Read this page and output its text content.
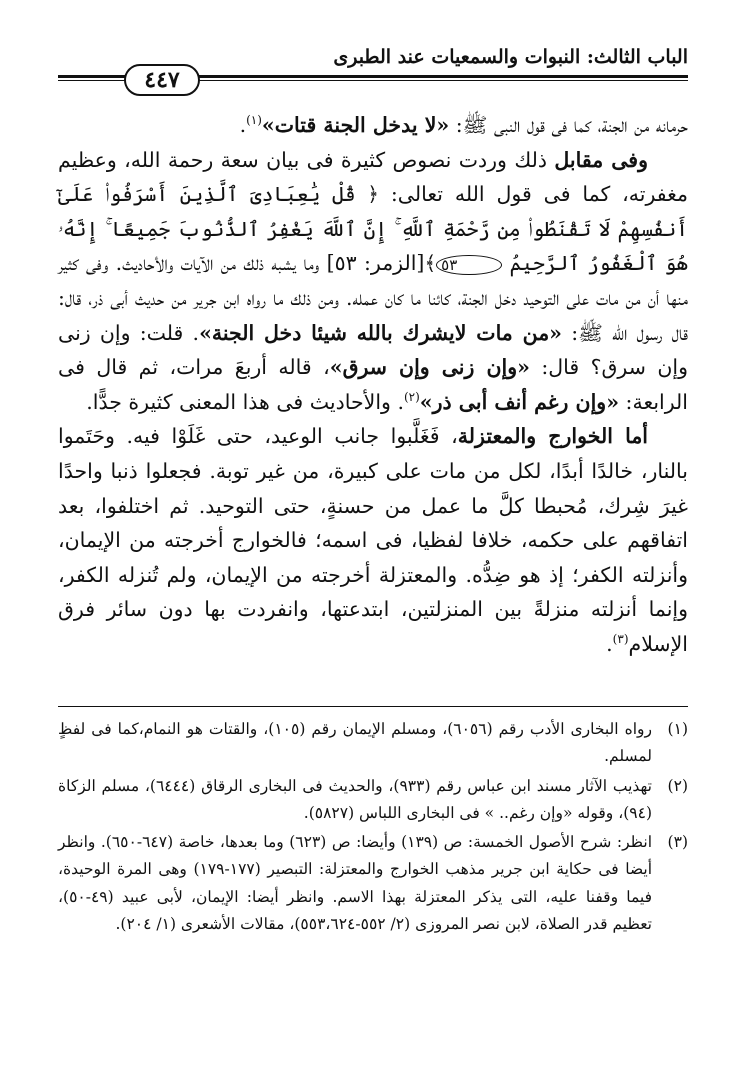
الباب الثالث: النبوات والسمعيات عند الطبرى
٤٤٧

حرمانه من الجنة، كما فى قول النبى ﷺ: «لا يدخل الجنة قتات»$^{(١)}$.

وفى مقابل ذلك وردت نصوص كثيرة فى بيان سعة رحمة الله، وعظيم مغفرته، كما فى قول الله تعالى: ﴿ قُلْ يَٰعِبَادِىَ ٱلَّذِينَ أَسْرَفُوا۟ عَلَىٰٓ أَنفُسِهِمْ لَا تَقْنَطُوا۟ مِن رَّحْمَةِ ٱللَّهِ ۚ إِنَّ ٱللَّهَ يَغْفِرُ ٱلذُّنُوبَ جَمِيعًا ۚ إِنَّهُۥ هُوَ ٱلْغَفُورُ ٱلرَّحِيمُ ٥٣﴾[الزمر: ٥٣] وما يشبه ذلك من الآيات والأحاديث. وفى كثير منها أن من مات على التوحيد دخل الجنة، كائنا ما كان عمله. ومن ذلك ما رواه ابن جرير من حديث أبى ذر، قال: قال رسول الله ﷺ: «من مات لايشرك بالله شيئا دخل الجنة». قلت: وإن زنى وإن سرق؟ قال: «وإن زنى وإن سرق»، قاله أربعَ مرات، ثم قال فى الرابعة: «وإن رغم أنف أبى ذر»$^{(٢)}$. والأحاديث فى هذا المعنى كثيرة جدًّا.

أما الخوارج والمعتزلة، فَغَلَّبوا جانب الوعيد، حتى غَلَوْا فيه. وحَتَموا بالنار، خالدًا أبدًا، لكل من مات على كبيرة، من غير توبة. فجعلوا ذنبا واحدًا غيرَ شِرك، مُحبطا كلَّ ما عمل من حسنةٍ، حتى التوحيد. ثم اختلفوا، بعد اتفاقهم على حكمه، خلافا لفظيا، فى اسمه؛ فالخوارج أخرجته من الإيمان، وأنزلته الكفر؛ إذ هو ضِدُّه. والمعتزلة أخرجته من الإيمان، ولم تُنزله الكفر، وإنما أنزلته منزلةً بين المنزلتين، ابتدعتها، وانفردت بها دون سائر فرق الإسلام$^{(٣)}$.

(١)
رواه البخارى الأدب رقم (٦٠٥٦)، ومسلم الإيمان رقم (١٠٥)، والقتات هو النمام،كما فى لفظٍ لمسلم.
(٢)
تهذيب الآثار مسند ابن عباس رقم (٩٣٣)، والحديث فى البخارى الرقاق (٦٤٤٤)، مسلم الزكاة (٩٤)، وقوله «وإن رغم.. » فى البخارى اللباس (٥٨٢٧).
(٣)
انظر: شرح الأصول الخمسة: ص (١٣٩) وأيضا: ص (٦٢٣) وما بعدها، خاصة (٦٤٧-٦٥٠). وانظر أيضا فى حكاية ابن جرير مذهب الخوارج والمعتزلة: التبصير (١٧٧-١٧٩) وهى المرة الوحيدة، فيما وقفنا عليه، التى يذكر المعتزلة بهذا الاسم. وانظر أيضا: الإيمان، لأبى عبيد (٤٩-٥٠)، تعظيم قدر الصلاة، لابن نصر المروزى (٢/ ٥٥٢-٥٥٣،٦٢٤)، مقالات الأشعرى (١/ ٢٠٤).
